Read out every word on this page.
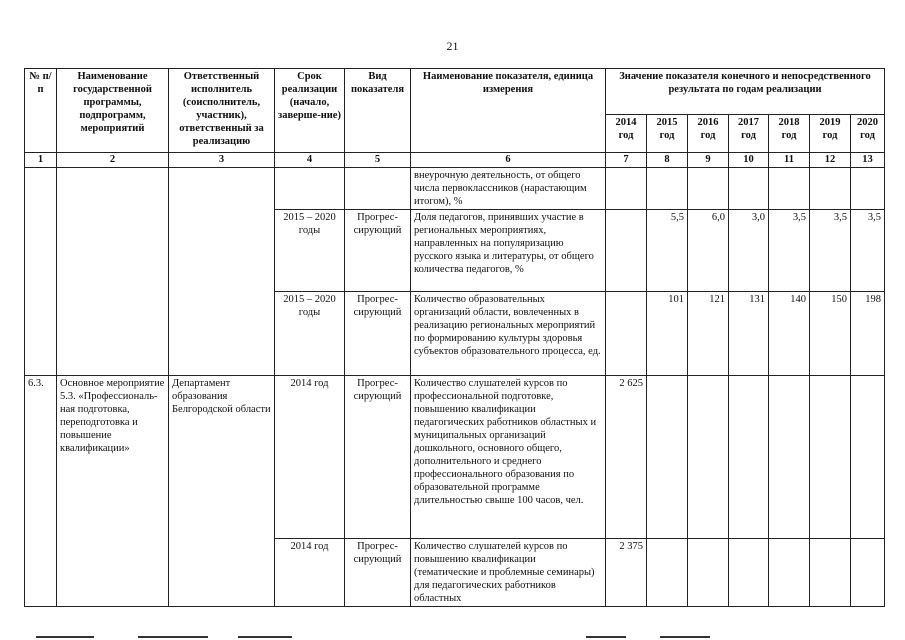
21
№ п/п	Наименование государственной программы, подпрограмм, мероприятий	Ответственный исполнитель (соисполнитель, участник), ответственный за реализацию	Срок реализации (начало, заверше-ние)	Вид показателя	Наименование показателя, единица измерения	Значение показателя конечного и непосредственного результата по годам реализации						
						2014 год	2015 год	2016 год	2017 год	2018 год	2019 год	2020 год
1	2	3	4	5	6	7	8	9	10	11	12	13
					внеурочную деятельность, от общего числа первоклассников (нарастающим итогом), %							
			2015 – 2020 годы	Прогрес-сирующий	Доля педагогов, принявших участие в региональных мероприятиях, направленных на популяризацию русского языка и литературы, от общего количества педагогов, %		5,5	6,0	3,0	3,5	3,5	3,5
			2015 – 2020 годы	Прогрес-сирующий	Количество образовательных организаций области, вовлеченных в реализацию региональных мероприятий по формированию культуры здоровья субъектов образовательного процесса, ед.		101	121	131	140	150	198
6.3.	Основное мероприятие 5.3. «Профессиональ-ная подготовка, переподготовка и повышение квалификации»	Департамент образования Белгородской области	2014 год	Прогрес-сирующий	Количество слушателей курсов по профессиональной подготовке, повышению квалификации педагогических работников областных и муниципальных организаций дошкольного, основного общего, дополнительного и среднего профессионального образования по образовательной программе длительностью свыше 100 часов, чел.	2 625						
			2014 год	Прогрес-сирующий	Количество слушателей курсов по повышению квалификации (тематические и проблемные семинары) для педагогических работников областных	2 375						
